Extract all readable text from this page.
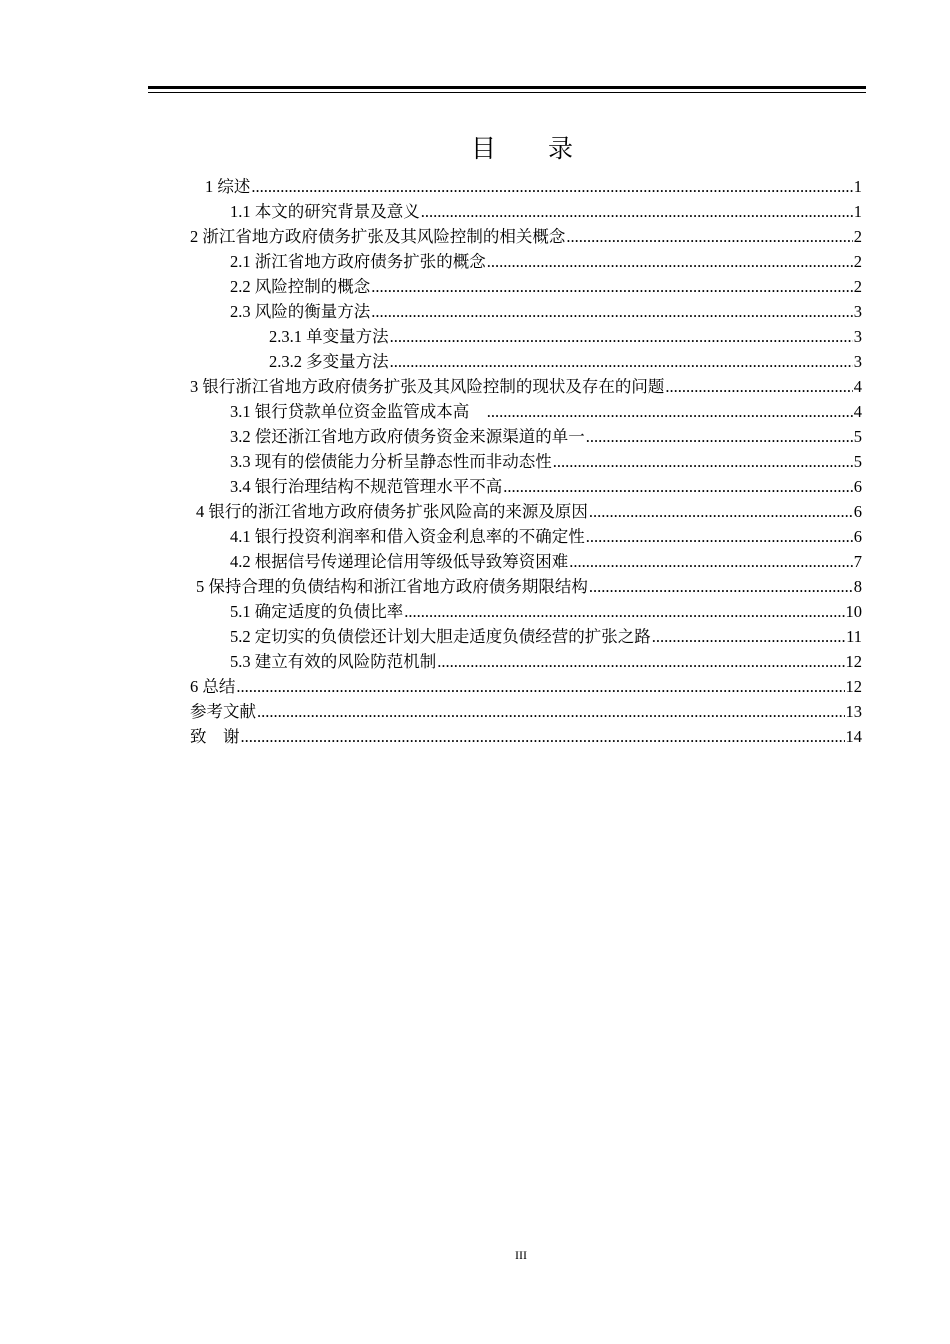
目 录
1 综述 .....	1
1.1 本文的研究背景及意义 .....	1
2 浙江省地方政府债务扩张及其风险控制的相关概念 .....	2
2.1 浙江省地方政府债务扩张的概念 .....	2
2.2 风险控制的概念 .....	2
2.3 风险的衡量方法 .....	3
2.3.1 单变量方法 .....	3
2.3.2 多变量方法 .....	3
3 银行浙江省地方政府债务扩张及其风险控制的现状及存在的问题 .....	4
3.1 银行贷款单位资金监管成本高　 .....	4
3.2 偿还浙江省地方政府债务资金来源渠道的单一 .....	5
3.3 现有的偿债能力分析呈静态性而非动态性 .....	5
3.4 银行治理结构不规范管理水平不高 .....	6
4 银行的浙江省地方政府债务扩张风险高的来源及原因 .....	6
4.1 银行投资利润率和借入资金利息率的不确定性 .....	6
4.2 根据信号传递理论信用等级低导致筹资困难 .....	7
5 保持合理的负债结构和浙江省地方政府债务期限结构 .....	8
5.1 确定适度的负债比率 .....	10
5.2 定切实的负债偿还计划大胆走适度负债经营的扩张之路 .....	11
5.3 建立有效的风险防范机制 .....	12
6 总结 .....	12
参考文献 .....	13
致　谢 .....	14
III
